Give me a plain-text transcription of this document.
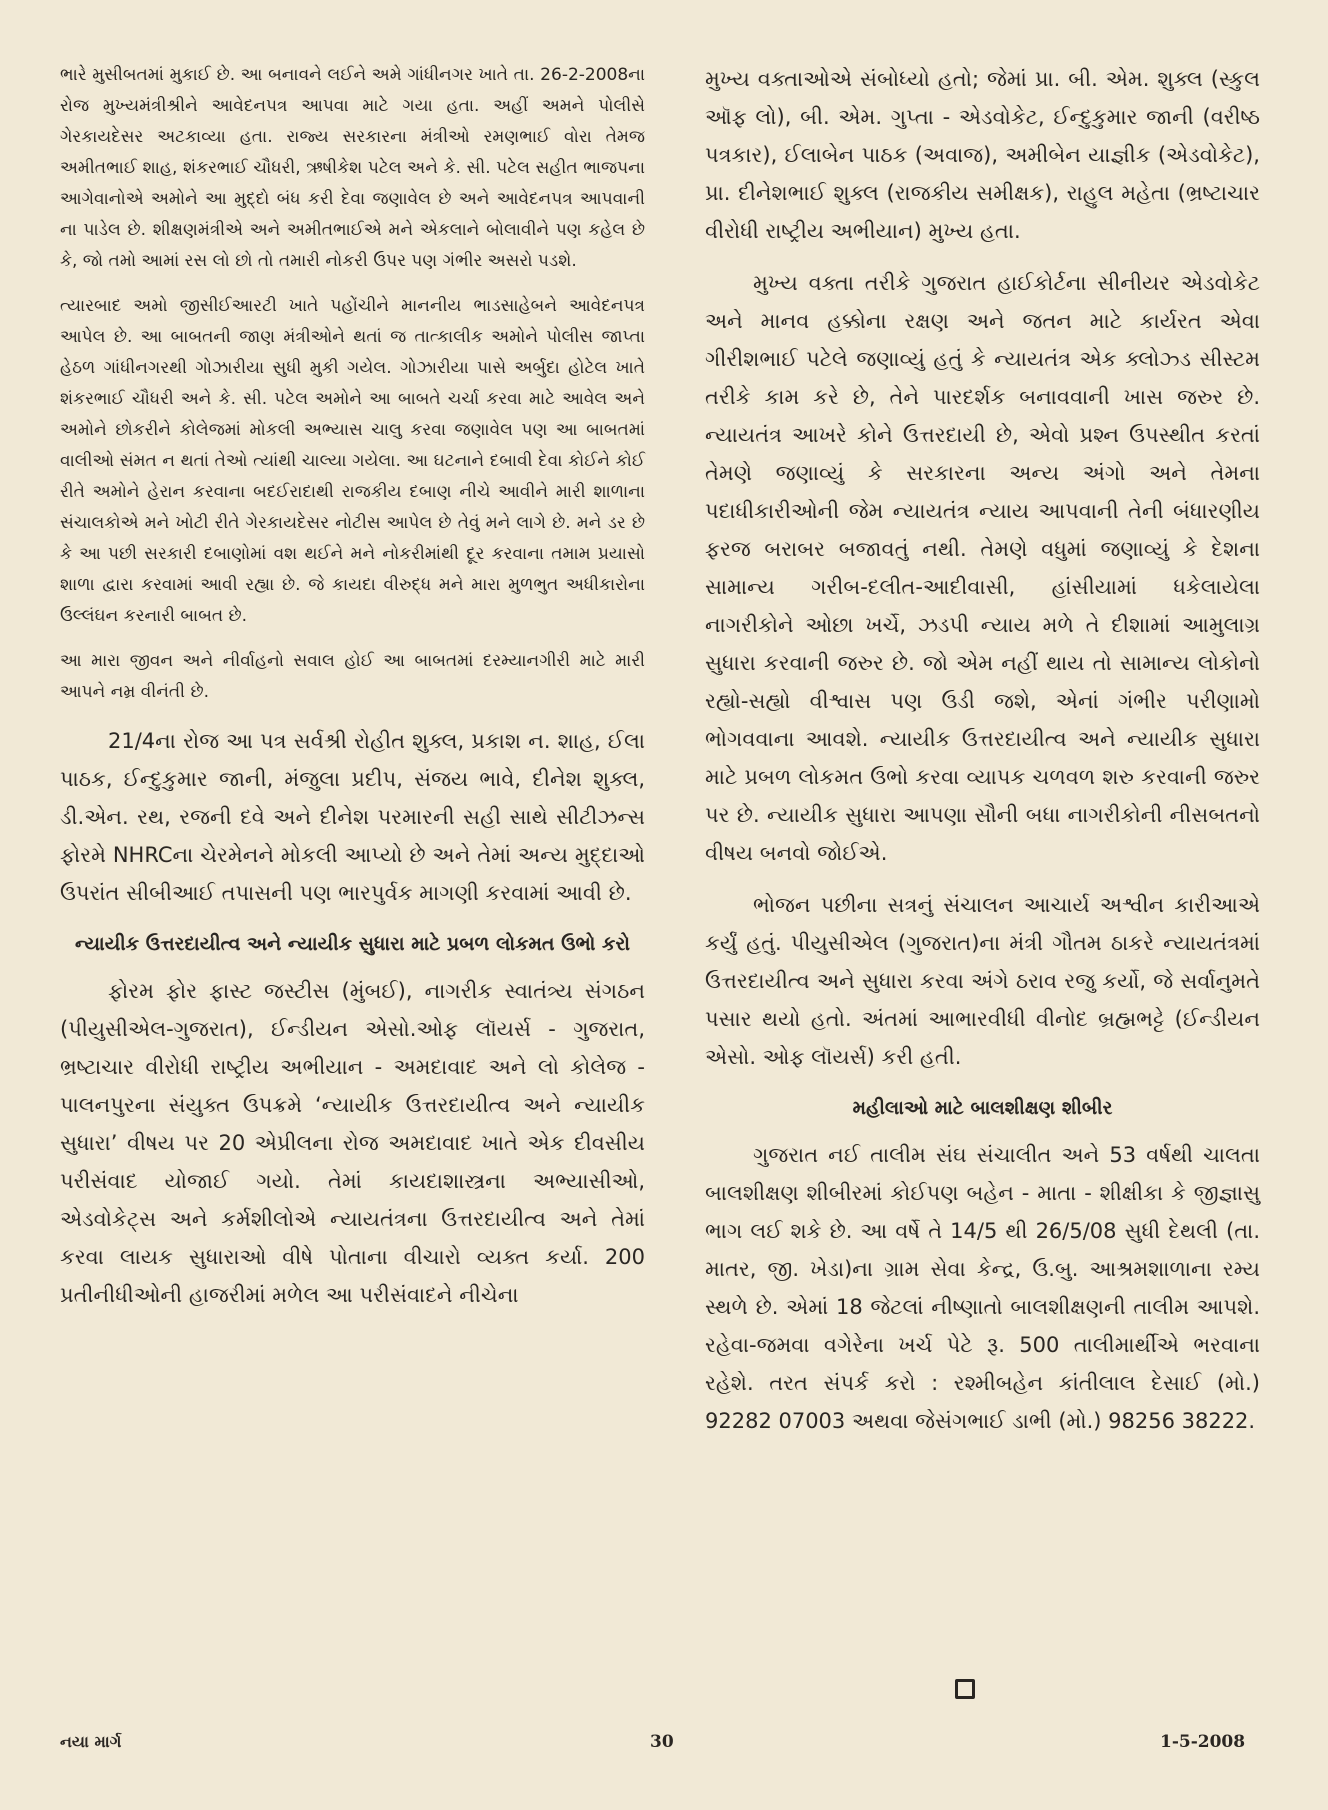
ભારે મુસીબતમાં મુકાઈ છે. આ બનાવને લઈને અમે ગાંધીનગર ખાતે તા. 26-2-2008ના રોજ મુખ્યમંત્રીશ્રીને આવેદનપત્ર આપવા માટે ગયા હતા. અહીં અમને પોલીસે ગેરકાયદેસર અટકાવ્યા હતા. રાજ્ય સરકારના મંત્રીઓ રમણભાઈ વોરા તેમજ અમીતભાઈ શાહ, શંકરભાઈ ચૌધરી, ઋષીકેશ પટેલ અને કે. સી. પટેલ સહીત ભાજપના આગેવાનોએ અમોને આ મુદ્દો બંધ કરી દેવા જણાવેલ છે અને આવેદનપત્ર આપવાની ના પાડેલ છે. શીક્ષણમંત્રીએ અને અમીતભાઈએ મને એકલાને બોલાવીને પણ કહેલ છે કે, જો તમો આમાં રસ લો છો તો તમારી નોકરી ઉપર પણ ગંભીર અસરો પડશે.

ત્યારબાદ અમો જીસીઈઆરટી ખાતે પહોંચીને માનનીય ભાડસાહેબને આવેદનપત્ર આપેલ છે. આ બાબતની જાણ મંત્રીઓને થતાં જ તાત્કાલીક અમોને પોલીસ જાપ્તા હેઠળ ગાંધીનગરથી ગોઝારીયા સુધી મુકી ગયેલ. ગોઝારીયા પાસે અર્બુદા હોટેલ ખાતે શંકરભાઈ ચૌધરી અને કે. સી. પટેલ અમોને આ બાબતે ચર્ચા કરવા માટે આવેલ અને અમોને છોકરીને કોલેજમાં મોકલી અભ્યાસ ચાલુ કરવા જણાવેલ પણ આ બાબતમાં વાલીઓ સંમત ન થતાં તેઓ ત્યાંથી ચાલ્યા ગયેલા. આ ઘટનાને દબાવી દેવા કોઈને કોઈ રીતે અમોને હેરાન કરવાના બદઈરાદાથી રાજકીય દબાણ નીચે આવીને મારી શાળાના સંચાલકોએ મને ખોટી રીતે ગેરકાયદેસર નોટીસ આપેલ છે તેવું મને લાગે છે. મને ડર છે કે આ પછી સરકારી દબાણોમાં વશ થઈને મને નોકરીમાંથી દૂર કરવાના તમામ પ્રયાસો શાળા દ્વારા કરવામાં આવી રહ્યા છે. જે કાયદા વીરુદ્ધ મને મારા મુળભુત અધીકારોના ઉલ્લંઘન કરનારી બાબત છે.

આ મારા જીવન અને નીર્વાહનો સવાલ હોઈ આ બાબતમાં દરમ્યાનગીરી માટે મારી આપને નમ્ર વીનંતી છે.

21/4ના રોજ આ પત્ર સર્વશ્રી રોહીત શુક્લ, પ્રકાશ ન. શાહ, ઈલા પાઠક, ઈન્દુકુમાર જાની, મંજુલા પ્રદીપ, સંજય ભાવે, દીનેશ શુક્લ, ડી.એન. રથ, રજની દવે અને દીનેશ પરમારની સહી સાથે સીટીઝન્સ ફોરમે NHRCના ચેરમેનને મોકલી આપ્યો છે અને તેમાં અન્ય મુદ્દાઓ ઉપરાંત સીબીઆઈ તપાસની પણ ભારપુર્વક માગણી કરવામાં આવી છે.

ન્યાયીક ઉત્તરદાયીત્વ અને ન્યાયીક સુધારા માટે પ્રબળ લોકમત ઉભો કરો

ફોરમ ફોર ફાસ્ટ જસ્ટીસ (મુંબઈ), નાગરીક સ્વાતંત્ર્ય સંગઠન (પીયુસીએલ-ગુજરાત), ઈન્ડીયન એસો.ઓફ લૉયર્સ - ગુજરાત, ભ્રષ્ટાચાર વીરોધી રાષ્ટ્રીય અભીયાન - અમદાવાદ અને લો કોલેજ - પાલનપુરના સંયુક્ત ઉપક્રમે ‘ન્યાયીક ઉત્તરદાયીત્વ અને ન્યાયીક સુધારા’ વીષય પર 20 એપ્રીલના રોજ અમદાવાદ ખાતે એક દીવસીય પરીસંવાદ યોજાઈ ગયો. તેમાં કાયદાશાસ્ત્રના અભ્યાસીઓ, એડવોકેટ્સ અને કર્મશીલોએ ન્યાયતંત્રના ઉત્તરદાયીત્વ અને તેમાં કરવા લાયક સુધારાઓ વીષે પોતાના વીચારો વ્યક્ત કર્યા. 200 પ્રતીનીધીઓની હાજરીમાં મળેલ આ પરીસંવાદને નીચેના

મુખ્ય વક્તાઓએ સંબોધ્યો હતો; જેમાં પ્રા. બી. એમ. શુક્લ (સ્કુલ ઑફ લો), બી. એમ. ગુપ્તા - એડવોકેટ, ઈન્દુકુમાર જાની (વરીષ્ઠ પત્રકાર), ઈલાબેન પાઠક (અવાજ), અમીબેન યાજ્ઞીક (એડવોકેટ), પ્રા. દીનેશભાઈ શુક્લ (રાજકીય સમીક્ષક), રાહુલ મહેતા (ભ્રષ્ટાચાર વીરોધી રાષ્ટ્રીય અભીયાન) મુખ્ય હતા.

મુખ્ય વક્તા તરીકે ગુજરાત હાઈકોર્ટના સીનીયર એડવોકેટ અને માનવ હક્કોના રક્ષણ અને જતન માટે કાર્યરત એવા ગીરીશભાઈ પટેલે જણાવ્યું હતું કે ન્યાયતંત્ર એક ક્લોઝ્ડ સીસ્ટમ તરીકે કામ કરે છે, તેને પારદર્શક બનાવવાની ખાસ જરુર છે. ન્યાયતંત્ર આખરે કોને ઉત્તરદાયી છે, એવો પ્રશ્ન ઉપસ્થીત કરતાં તેમણે જણાવ્યું કે સરકારના અન્ય અંગો અને તેમના પદાધીકારીઓની જેમ ન્યાયતંત્ર ન્યાય આપવાની તેની બંધારણીય ફરજ બરાબર બજાવતું નથી. તેમણે વધુમાં જણાવ્યું કે દેશના સામાન્ય ગરીબ-દલીત-આદીવાસી, હાંસીયામાં ધકેલાયેલા નાગરીકોને ઓછા ખર્ચે, ઝડપી ન્યાય મળે તે દીશામાં આમુલાગ્ર સુધારા કરવાની જરુર છે. જો એમ નહીં થાય તો સામાન્ય લોકોનો રહ્યો-સહ્યો વીશ્વાસ પણ ઉડી જશે, એનાં ગંભીર પરીણામો ભોગવવાના આવશે. ન્યાયીક ઉત્તરદાયીત્વ અને ન્યાયીક સુધારા માટે પ્રબળ લોકમત ઉભો કરવા વ્યાપક ચળવળ શરુ કરવાની જરુર પર છે. ન્યાયીક સુધારા આપણા સૌની બધા નાગરીકોની નીસબતનો વીષય બનવો જોઈએ.

ભોજન પછીના સત્રનું સંચાલન આચાર્ય અશ્વીન કારીઆએ કર્યું હતું. પીયુસીએલ (ગુજરાત)ના મંત્રી ગૌતમ ઠાકરે ન્યાયતંત્રમાં ઉત્તરદાયીત્વ અને સુધારા કરવા અંગે ઠરાવ રજુ કર્યો, જે સર્વાનુમતે પસાર થયો હતો. અંતમાં આભારવીધી વીનોદ બ્રહ્મભટ્ટે (ઈન્ડીયન એસો. ઓફ લૉયર્સ) કરી હતી.

મહીલાઓ માટે બાલશીક્ષણ શીબીર

ગુજરાત નઈ તાલીમ સંઘ સંચાલીત અને 53 વર્ષથી ચાલતા બાલશીક્ષણ શીબીરમાં કોઈપણ બહેન - માતા - શીક્ષીકા કે જીજ્ઞાસુ ભાગ લઈ શકે છે. આ વર્ષે તે 14/5 થી 26/5/08 સુધી દેથલી (તા. માતર, જી. ખેડા)ના ગ્રામ સેવા કેન્દ્ર, ઉ.બુ. આશ્રમશાળાના રમ્ય સ્થળે છે. એમાં 18 જેટલાં નીષ્ણાતો બાલશીક્ષણની તાલીમ આપશે. રહેવા-જમવા વગેરેના ખર્ચ પેટે રૂ. 500 તાલીમાર્થીએ ભરવાના રહેશે. તરત સંપર્ક કરો : રશ્મીબહેન કાંતીલાલ દેસાઈ (મો.) 92282 07003 અથવા જેસંગભાઈ ડાભી (મો.) 98256 38222.

નયા માર્ગ	30	1-5-2008
